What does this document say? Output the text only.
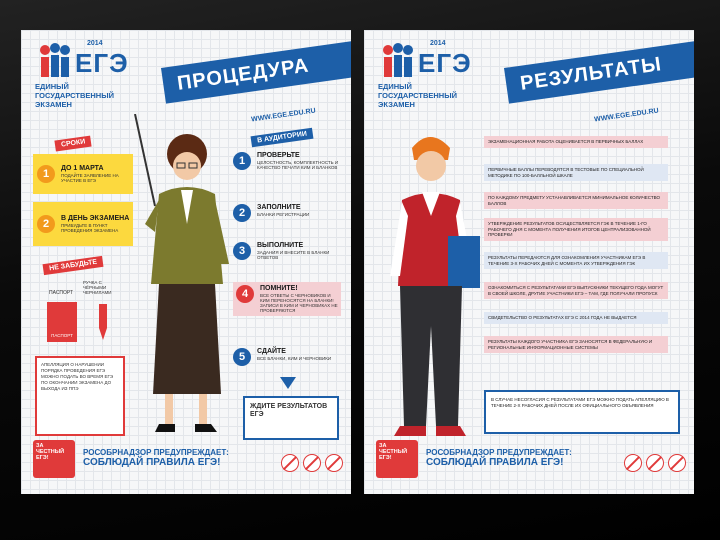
2014
ЕГЭ
ЕДИНЫЙ ГОСУДАРСТВЕННЫЙ ЭКЗАМЕН
ПРОЦЕДУРА
WWW.EGE.EDU.RU
СРОКИ
1	ДО 1 МАРТА
ПОДАЙТЕ ЗАЯВЛЕНИЕ НА УЧАСТИЕ В ЕГЭ
2	В ДЕНЬ ЭКЗАМЕНА
ПРИБУДЬТЕ В ПУНКТ ПРОВЕДЕНИЯ ЭКЗАМЕНА
НЕ ЗАБУДЬТЕ
ПАСПОРТ
РУЧКА С ЧЁРНЫМИ ЧЕРНИЛАМИ
ПАСПОРТ
АПЕЛЛЯЦИЯ О НАРУШЕНИИ ПОРЯДКА ПРОВЕДЕНИЯ ЕГЭ МОЖНО ПОДАТЬ ВО ВРЕМЯ ЕГЭ ПО ОКОНЧАНИИ ЭКЗАМЕНА ДО ВЫХОДА ИЗ ППЭ
В АУДИТОРИИ
1	ПРОВЕРЬТЕ
ЦЕЛОСТНОСТЬ, КОМПЛЕКТНОСТЬ И КАЧЕСТВО ПЕЧАТИ КИМ И БЛАНКОВ
2	ЗАПОЛНИТЕ
БЛАНКИ РЕГИСТРАЦИИ
3	ВЫПОЛНИТЕ
ЗАДАНИЯ И ВНЕСИТЕ В БЛАНКИ ОТВЕТОВ
4	ПОМНИТЕ!
ВСЕ ОТВЕТЫ С ЧЕРНОВИКОВ И КИМ ПЕРЕНОСЯТСЯ НА БЛАНКИ! ЗАПИСИ В КИМ И ЧЕРНОВИКАХ НЕ ПРОВЕРЯЮТСЯ
5	СДАЙТЕ
ВСЕ БЛАНКИ, КИМ И ЧЕРНОВИКИ
ЖДИТЕ РЕЗУЛЬТАТОВ ЕГЭ
ЗА ЧЕСТНЫЙ ЕГЭ!
РОСОБРНАДЗОР ПРЕДУПРЕЖДАЕТ:
СОБЛЮДАЙ ПРАВИЛА ЕГЭ!
2014
ЕГЭ
ЕДИНЫЙ ГОСУДАРСТВЕННЫЙ ЭКЗАМЕН
РЕЗУЛЬТАТЫ
WWW.EGE.EDU.RU
ЭКЗАМЕНАЦИОННАЯ РАБОТА ОЦЕНИВАЕТСЯ В ПЕРВИЧНЫХ БАЛЛАХ
ПЕРВИЧНЫЕ БАЛЛЫ ПЕРЕВОДЯТСЯ В ТЕСТОВЫЕ ПО СПЕЦИАЛЬНОЙ МЕТОДИКЕ ПО 100-БАЛЛЬНОЙ ШКАЛЕ
ПО КАЖДОМУ ПРЕДМЕТУ УСТАНАВЛИВАЕТСЯ МИНИМАЛЬНОЕ КОЛИЧЕСТВО БАЛЛОВ
УТВЕРЖДЕНИЕ РЕЗУЛЬТАТОВ ОСУЩЕСТВЛЯЕТСЯ ГЭК В ТЕЧЕНИЕ 1-ГО РАБОЧЕГО ДНЯ С МОМЕНТА ПОЛУЧЕНИЯ ИТОГОВ ЦЕНТРАЛИЗОВАННОЙ ПРОВЕРКИ
РЕЗУЛЬТАТЫ ПЕРЕДАЮТСЯ ДЛЯ ОЗНАКОМЛЕНИЯ УЧАСТНИКАМ ЕГЭ В ТЕЧЕНИЕ 3-Х РАБОЧИХ ДНЕЙ С МОМЕНТА ИХ УТВЕРЖДЕНИЯ ГЭК
ОЗНАКОМИТЬСЯ С РЕЗУЛЬТАТАМИ ЕГЭ ВЫПУСКНИКИ ТЕКУЩЕГО ГОДА МОГУТ В СВОЕЙ ШКОЛЕ, ДРУГИЕ УЧАСТНИКИ ЕГЭ – ТАМ, ГДЕ ПОЛУЧАЛИ ПРОПУСК
СВИДЕТЕЛЬСТВО О РЕЗУЛЬТАТАХ ЕГЭ С 2014 ГОДА НЕ ВЫДАЕТСЯ
РЕЗУЛЬТАТЫ КАЖДОГО УЧАСТНИКА ЕГЭ ЗАНОСЯТСЯ В ФЕДЕРАЛЬНУЮ И РЕГИОНАЛЬНЫЕ ИНФОРМАЦИОННЫЕ СИСТЕМЫ
В СЛУЧАЕ НЕСОГЛАСИЯ С РЕЗУЛЬТАТАМИ ЕГЭ МОЖНО ПОДАТЬ АПЕЛЛЯЦИЮ В ТЕЧЕНИЕ 2-Х РАБОЧИХ ДНЕЙ ПОСЛЕ ИХ ОФИЦИАЛЬНОГО ОБЪЯВЛЕНИЯ
ЗА ЧЕСТНЫЙ ЕГЭ!
РОСОБРНАДЗОР ПРЕДУПРЕЖДАЕТ:
СОБЛЮДАЙ ПРАВИЛА ЕГЭ!
